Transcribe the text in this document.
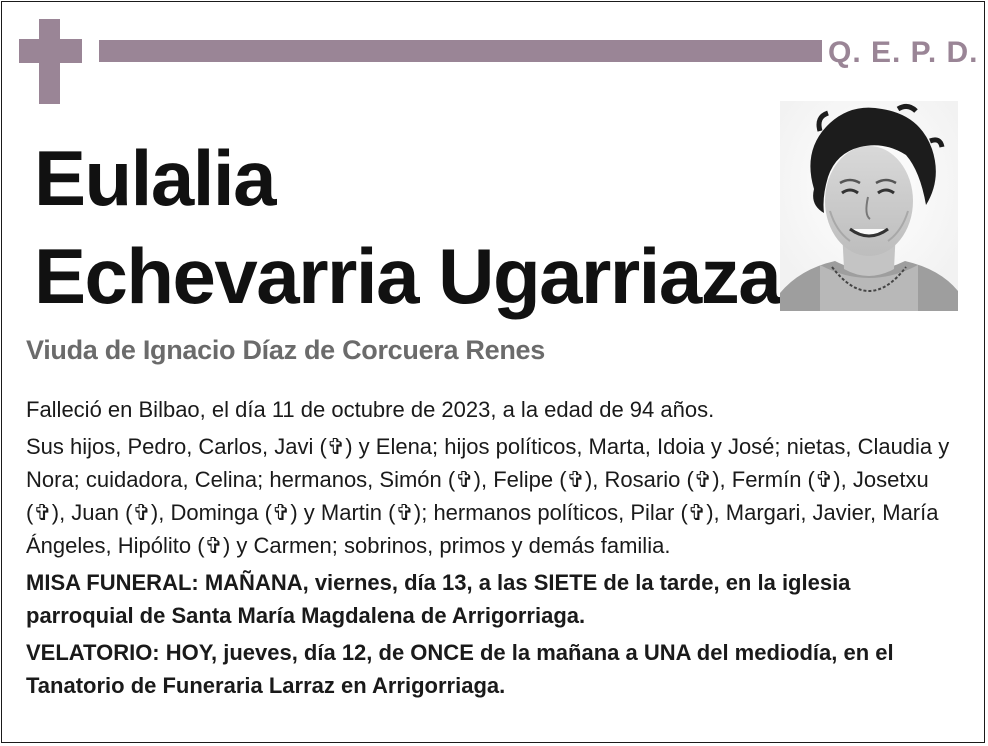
Q. E. P. D.
Eulalia
Echevarria Ugarriaza
Viuda de Ignacio Díaz de Corcuera Renes

Falleció en Bilbao, el día 11 de octubre de 2023, a la edad de 94 años.

Sus hijos, Pedro, Carlos, Javi (✞) y Elena; hijos políticos, Marta, Idoia y José; nietas, Claudia y Nora; cuidadora, Celina; hermanos, Simón (✞), Felipe (✞), Rosario (✞), Fermín (✞), Josetxu (✞), Juan (✞), Dominga (✞) y Martin (✞); hermanos políticos, Pilar (✞), Margari, Javier, María Ángeles, Hipólito (✞) y Carmen; sobrinos, primos y demás familia.

MISA FUNERAL: MAÑANA, viernes, día 13, a las SIETE de la tarde, en la iglesia parroquial de Santa María Magdalena de Arrigorriaga.

VELATORIO: HOY, jueves, día 12, de ONCE de la mañana a UNA del mediodía, en el Tanatorio de Funeraria Larraz en Arrigorriaga.
